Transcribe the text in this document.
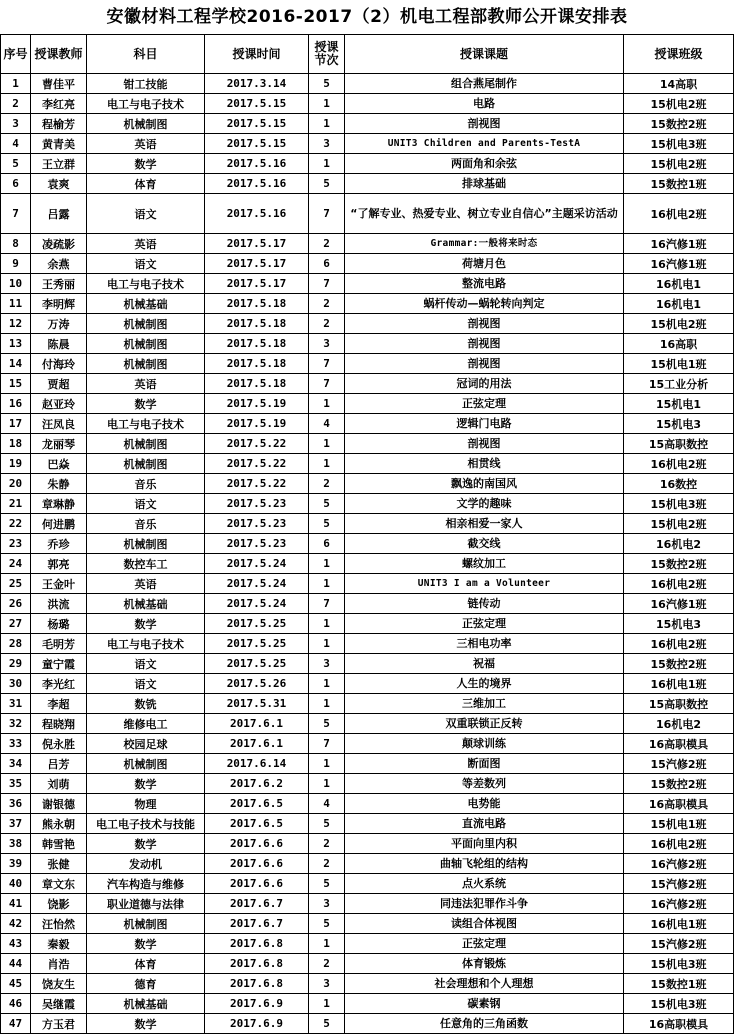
安徽材料工程学校2016-2017（2）机电工程部教师公开课安排表
序号	授课教师	科目	授课时间	授课节次	授课课题	授课班级
1	曹佳平	钳工技能	2017.3.14	5	组合燕尾制作	14高职
2	李红亮	电工与电子技术	2017.5.15	1	电路	15机电2班
3	程榆芳	机械制图	2017.5.15	1	剖视图	15数控2班
4	黄青美	英语	2017.5.15	3	UNIT3 Children and Parents-TestA	15机电3班
5	王立群	数学	2017.5.16	1	两面角和余弦	15机电2班
6	袁爽	体育	2017.5.16	5	排球基础	15数控1班
7	吕露	语文	2017.5.16	7	“了解专业、热爱专业、树立专业自信心”主题采访活动	16机电2班
8	凌疏影	英语	2017.5.17	2	Grammar:一般将来时态	16汽修1班
9	余燕	语文	2017.5.17	6	荷塘月色	16汽修1班
10	王秀丽	电工与电子技术	2017.5.17	7	整流电路	16机电1
11	李明辉	机械基础	2017.5.18	2	蜗杆传动—蜗轮转向判定	16机电1
12	万涛	机械制图	2017.5.18	2	剖视图	15机电2班
13	陈晨	机械制图	2017.5.18	3	剖视图	16高职
14	付海玲	机械制图	2017.5.18	7	剖视图	15机电1班
15	贾超	英语	2017.5.18	7	冠词的用法	15工业分析
16	赵亚玲	数学	2017.5.19	1	正弦定理	15机电1
17	汪凤良	电工与电子技术	2017.5.19	4	逻辑门电路	15机电3
18	龙丽琴	机械制图	2017.5.22	1	剖视图	15高职数控
19	巴焱	机械制图	2017.5.22	1	相贯线	16机电2班
20	朱静	音乐	2017.5.22	2	飘逸的南国风	16数控
21	章琳静	语文	2017.5.23	5	文学的趣味	15机电3班
22	何进鹏	音乐	2017.5.23	5	相亲相爱一家人	15机电2班
23	乔珍	机械制图	2017.5.23	6	截交线	16机电2
24	郭亮	数控车工	2017.5.24	1	螺纹加工	15数控2班
25	王金叶	英语	2017.5.24	1	UNIT3 I am a Volunteer	16机电2班
26	洪流	机械基础	2017.5.24	7	链传动	16汽修1班
27	杨璐	数学	2017.5.25	1	正弦定理	15机电3
28	毛明芳	电工与电子技术	2017.5.25	1	三相电功率	16机电2班
29	童宁霞	语文	2017.5.25	3	祝福	15数控2班
30	李光红	语文	2017.5.26	1	人生的境界	16机电1班
31	李超	数铣	2017.5.31	1	三维加工	15高职数控
32	程晓翔	维修电工	2017.6.1	5	双重联锁正反转	16机电2
33	倪永胜	校园足球	2017.6.1	7	颠球训练	16高职模具
34	吕芳	机械制图	2017.6.14	1	断面图	15汽修2班
35	刘萌	数学	2017.6.2	1	等差数列	15数控2班
36	谢银德	物理	2017.6.5	4	电势能	16高职模具
37	熊永朝	电工电子技术与技能	2017.6.5	5	直流电路	15机电1班
38	韩雪艳	数学	2017.6.6	2	平面向里内积	16机电2班
39	张健	发动机	2017.6.6	2	曲轴飞轮组的结构	16汽修2班
40	章文东	汽车构造与维修	2017.6.6	5	点火系统	15汽修2班
41	饶影	职业道德与法律	2017.6.7	3	同违法犯罪作斗争	16汽修2班
42	汪怡然	机械制图	2017.6.7	5	读组合体视图	16机电1班
43	秦毅	数学	2017.6.8	1	正弦定理	15汽修2班
44	肖浩	体育	2017.6.8	2	体育锻炼	15机电3班
45	饶友生	德育	2017.6.8	3	社会理想和个人理想	15数控1班
46	吴继霞	机械基础	2017.6.9	1	碳素钢	15机电3班
47	方玉君	数学	2017.6.9	5	任意角的三角函数	16高职模具
